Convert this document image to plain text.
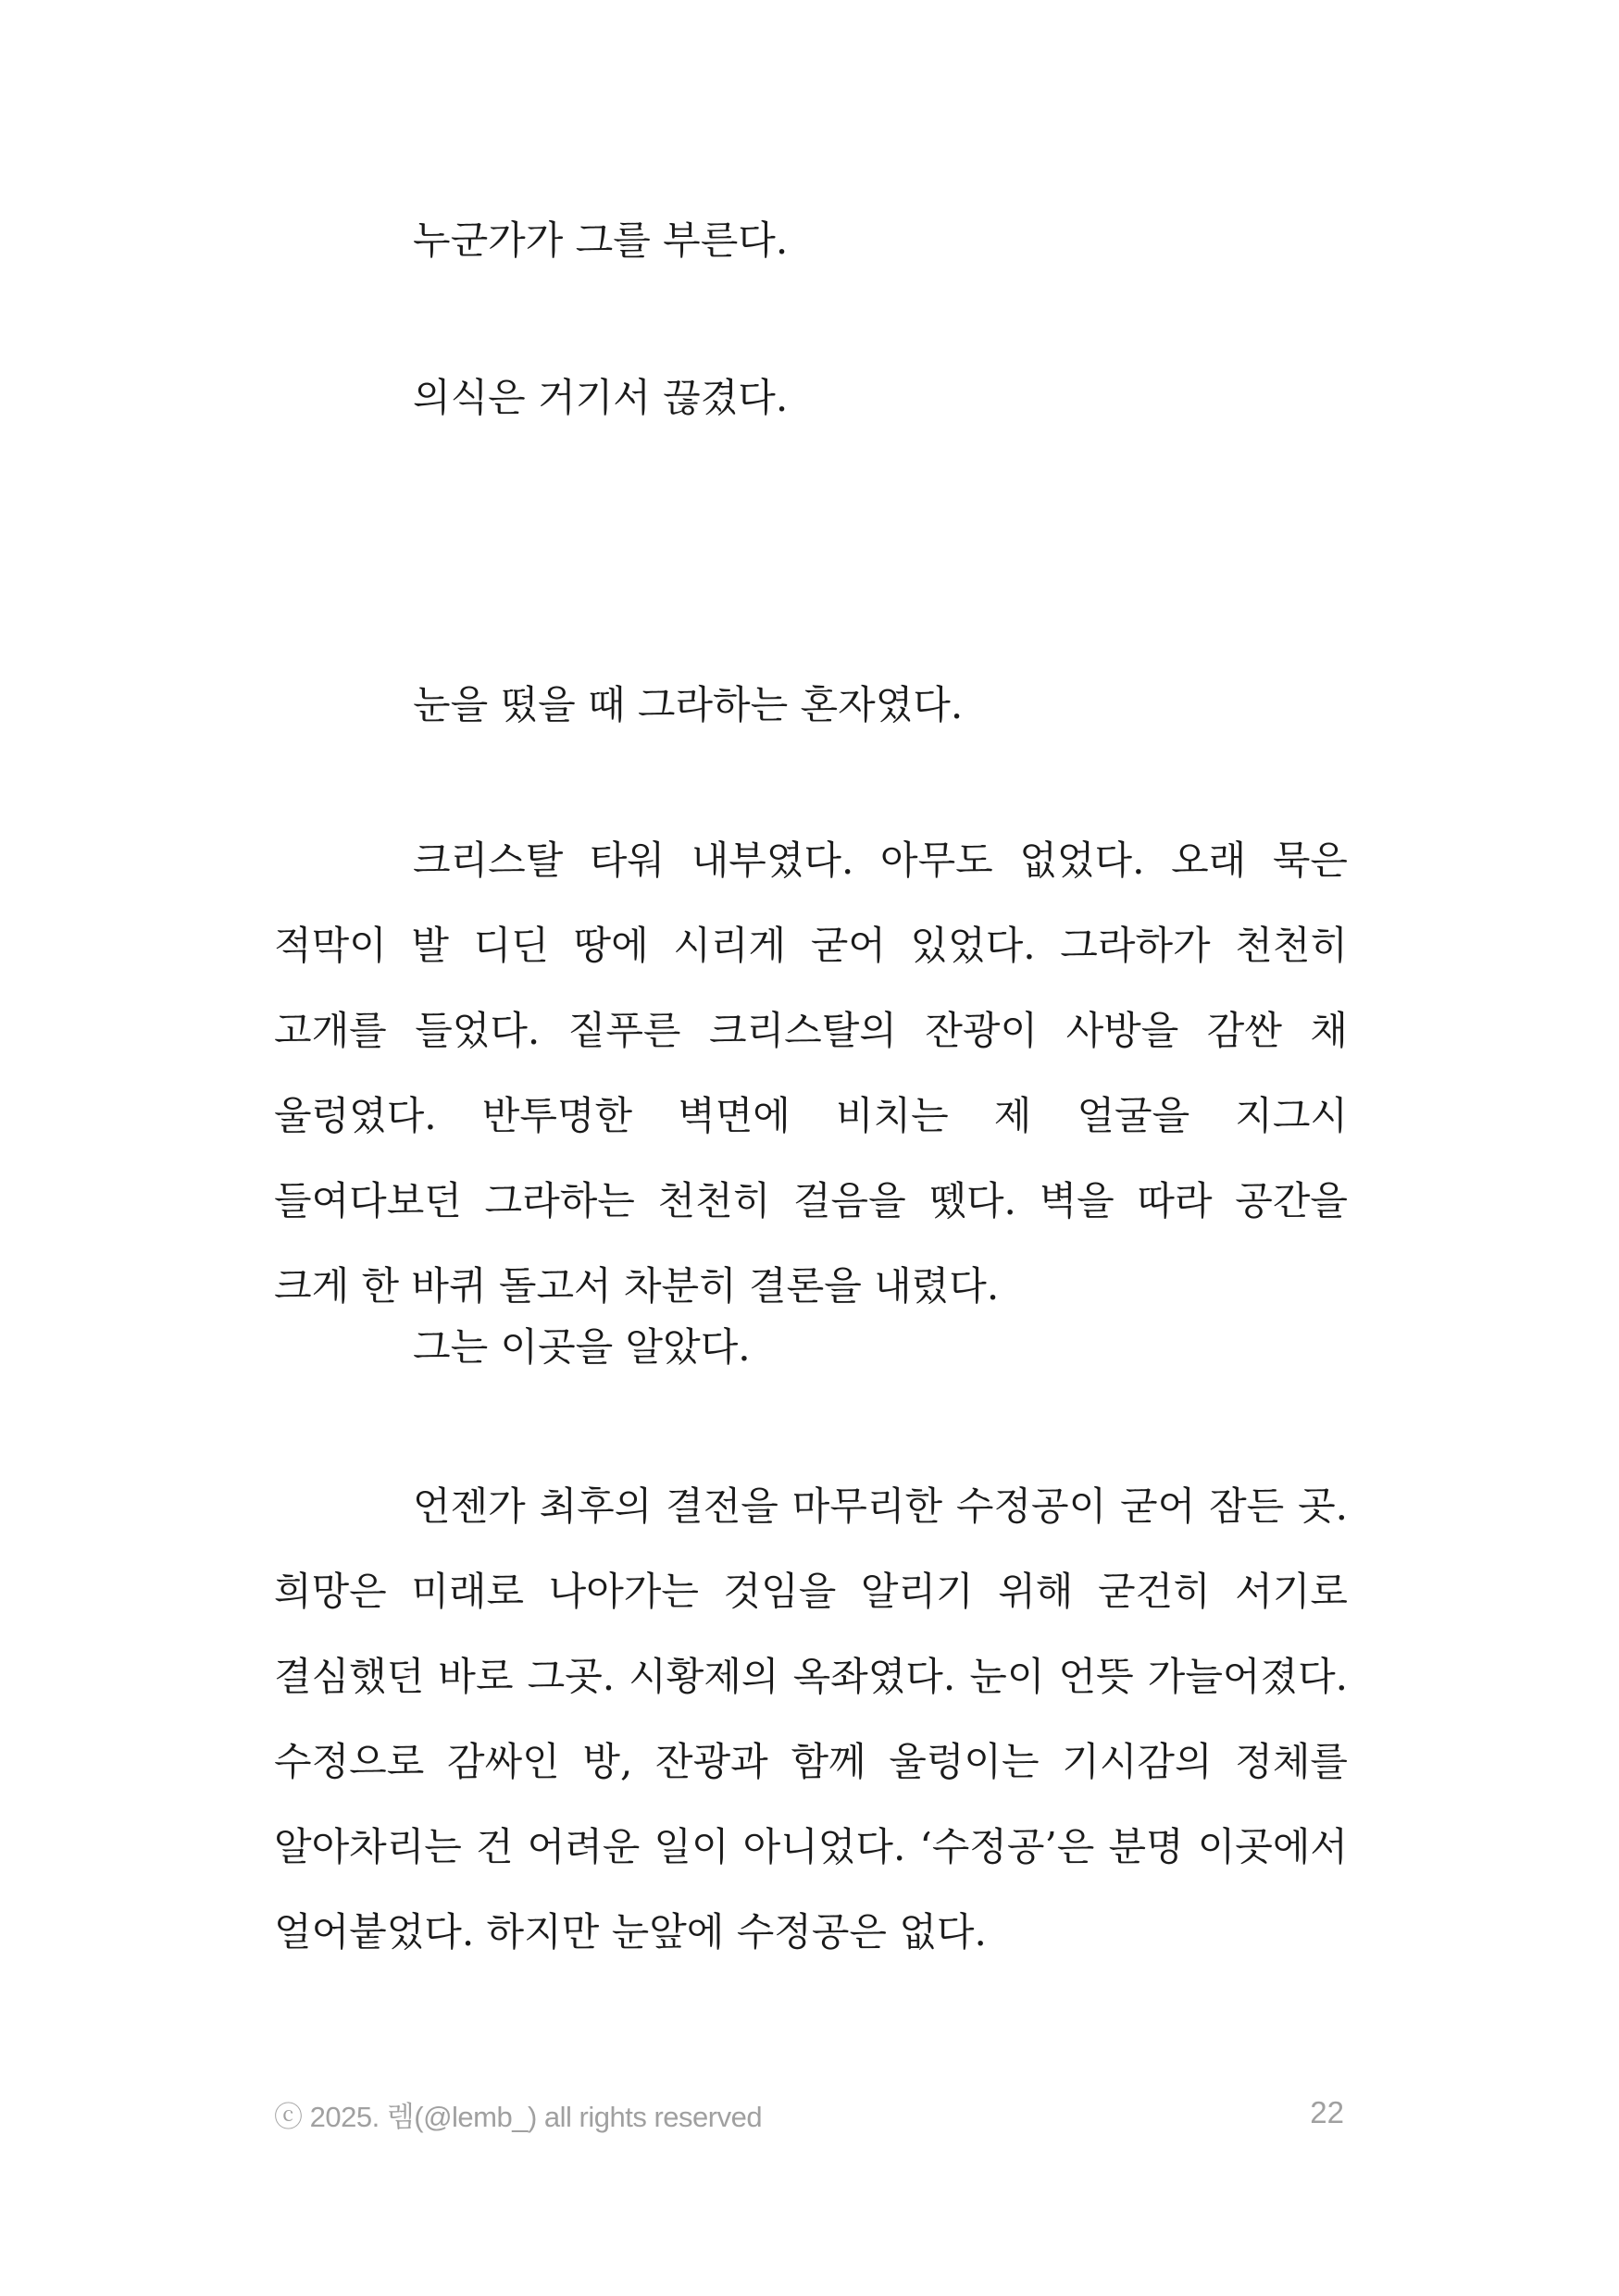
누군가가 그를 부른다.

의식은 거기서 끊겼다.

눈을 떴을 때 그라하는 혼자였다.

크리스탈 타워 내부였다. 아무도 없었다. 오래 묵은 적막이 발 디딘 땅에 시리게 굳어 있었다. 그라하가 천천히 고개를 들었다. 짙푸른 크리스탈의 잔광이 사방을 감싼 채 울렁였다. 반투명한 벽면에 비치는 제 얼굴을 지그시 들여다보던 그라하는 천천히 걸음을 뗐다. 벽을 따라 공간을 크게 한 바퀴 돌고서 차분히 결론을 내렸다.

그는 이곳을 알았다.

언젠가 최후의 결전을 마무리한 수정공이 굳어 잠든 곳. 희망은 미래로 나아가는 것임을 알리기 위해 굳건히 서기로 결심했던 바로 그곳. 시황제의 옥좌였다. 눈이 언뜻 가늘어졌다. 수정으로 감싸인 방, 잔광과 함께 울렁이는 기시감의 정체를 알아차리는 건 어려운 일이 아니었다. ‘수정공’은 분명 이곳에서 얼어붙었다. 하지만 눈앞에 수정공은 없다.

ⓒ 2025. 렘(@lemb_) all rights reserved	22
